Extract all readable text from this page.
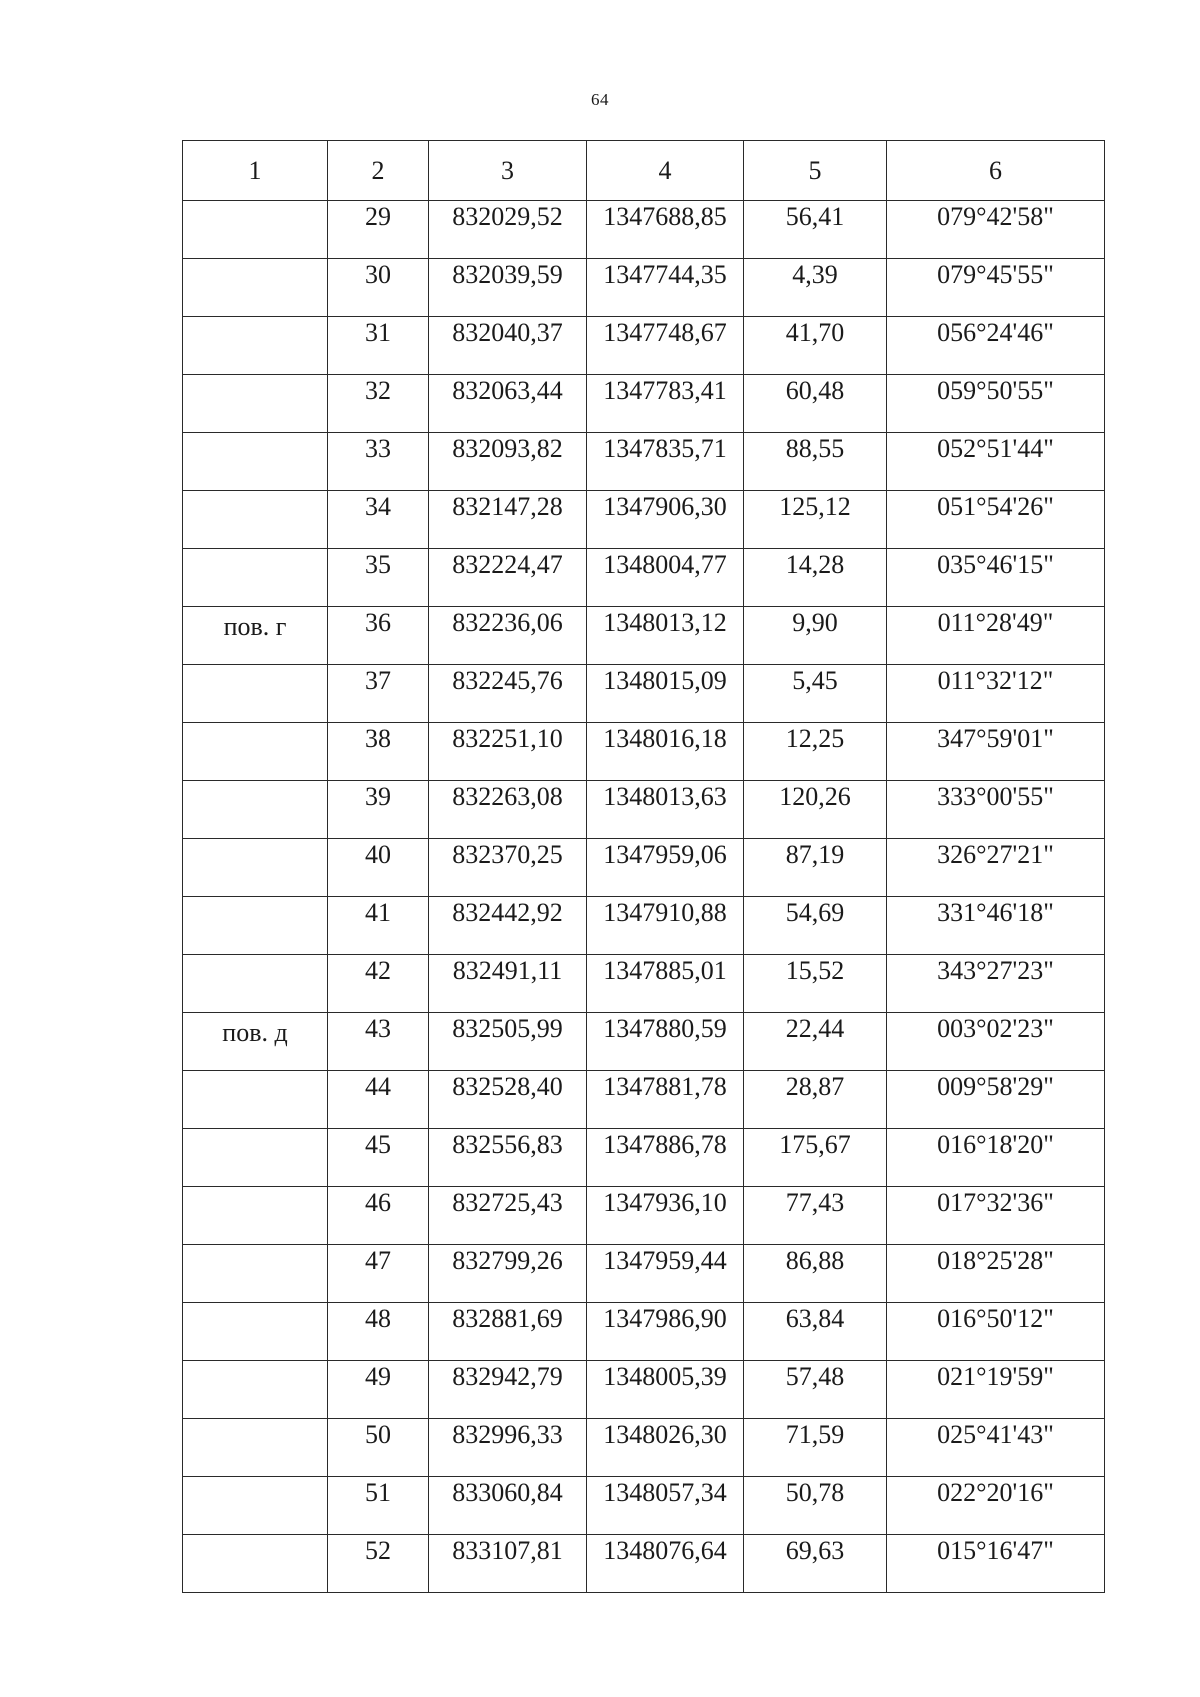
64
1	2	3	4	5	6
	29	832029,52	1347688,85	56,41	079°42'58"
	30	832039,59	1347744,35	4,39	079°45'55"
	31	832040,37	1347748,67	41,70	056°24'46"
	32	832063,44	1347783,41	60,48	059°50'55"
	33	832093,82	1347835,71	88,55	052°51'44"
	34	832147,28	1347906,30	125,12	051°54'26"
	35	832224,47	1348004,77	14,28	035°46'15"
пов. г	36	832236,06	1348013,12	9,90	011°28'49"
	37	832245,76	1348015,09	5,45	011°32'12"
	38	832251,10	1348016,18	12,25	347°59'01"
	39	832263,08	1348013,63	120,26	333°00'55"
	40	832370,25	1347959,06	87,19	326°27'21"
	41	832442,92	1347910,88	54,69	331°46'18"
	42	832491,11	1347885,01	15,52	343°27'23"
пов. д	43	832505,99	1347880,59	22,44	003°02'23"
	44	832528,40	1347881,78	28,87	009°58'29"
	45	832556,83	1347886,78	175,67	016°18'20"
	46	832725,43	1347936,10	77,43	017°32'36"
	47	832799,26	1347959,44	86,88	018°25'28"
	48	832881,69	1347986,90	63,84	016°50'12"
	49	832942,79	1348005,39	57,48	021°19'59"
	50	832996,33	1348026,30	71,59	025°41'43"
	51	833060,84	1348057,34	50,78	022°20'16"
	52	833107,81	1348076,64	69,63	015°16'47"
